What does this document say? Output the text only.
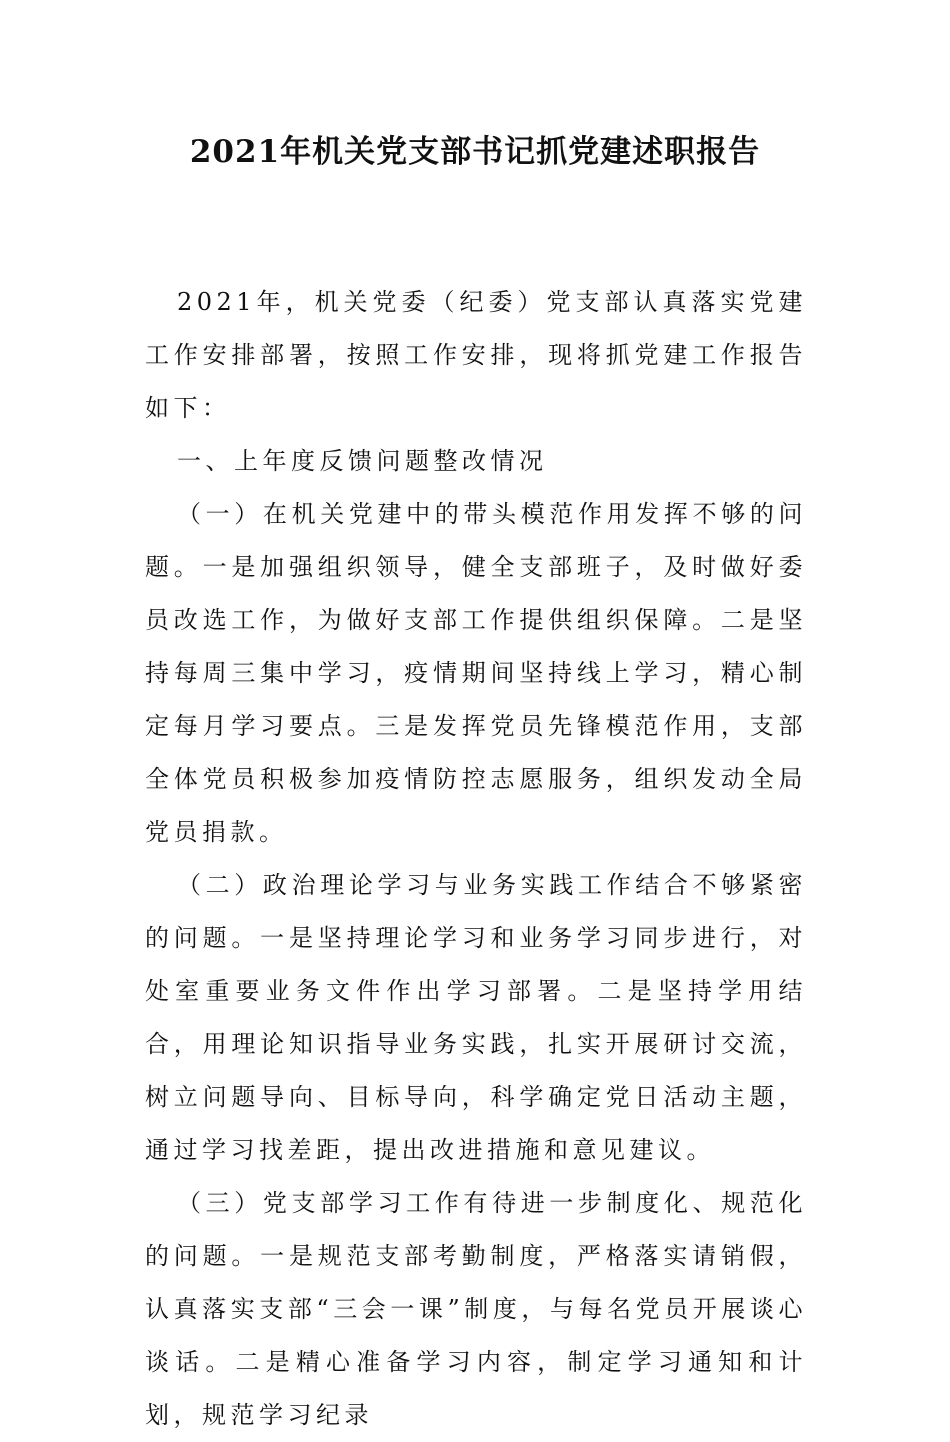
2021年机关党支部书记抓党建述职报告

2021年，机关党委（纪委）党支部认真落实党建工作安排部署，按照工作安排，现将抓党建工作报告如下：

一、上年度反馈问题整改情况

（一）在机关党建中的带头模范作用发挥不够的问题。一是加强组织领导，健全支部班子，及时做好委员改选工作，为做好支部工作提供组织保障。二是坚持每周三集中学习，疫情期间坚持线上学习，精心制定每月学习要点。三是发挥党员先锋模范作用，支部全体党员积极参加疫情防控志愿服务，组织发动全局党员捐款。

（二）政治理论学习与业务实践工作结合不够紧密的问题。一是坚持理论学习和业务学习同步进行，对处室重要业务文件作出学习部署。二是坚持学用结合，用理论知识指导业务实践，扎实开展研讨交流，树立问题导向、目标导向，科学确定党日活动主题，通过学习找差距，提出改进措施和意见建议。

（三）党支部学习工作有待进一步制度化、规范化的问题。一是规范支部考勤制度，严格落实请销假，认真落实支部“三会一课”制度，与每名党员开展谈心谈话。二是精心准备学习内容，制定学习通知和计划，规范学习纪录
